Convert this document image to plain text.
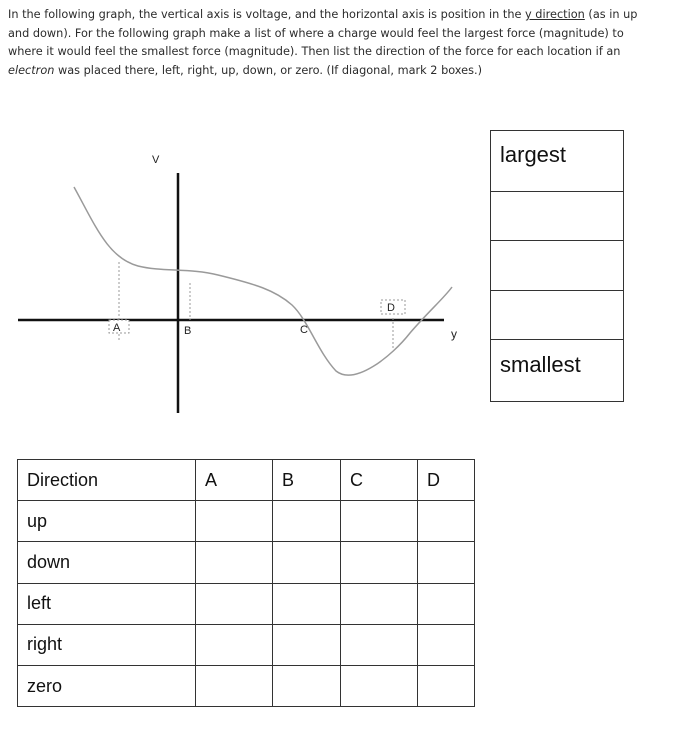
In the following graph, the vertical axis is voltage, and the horizontal axis is position in the y direction (as in up and down). For the following graph make a list of where a charge would feel the largest force (magnitude) to where it would feel the smallest force (magnitude). Then list the direction of the force for each location if an electron was placed there, left, right, up, down, or zero. (If diagonal, mark 2 boxes.)
V
y
A	B	C
D
largest

smallest
Direction	A	B	C	D
up				
down				
left				
right				
zero				
